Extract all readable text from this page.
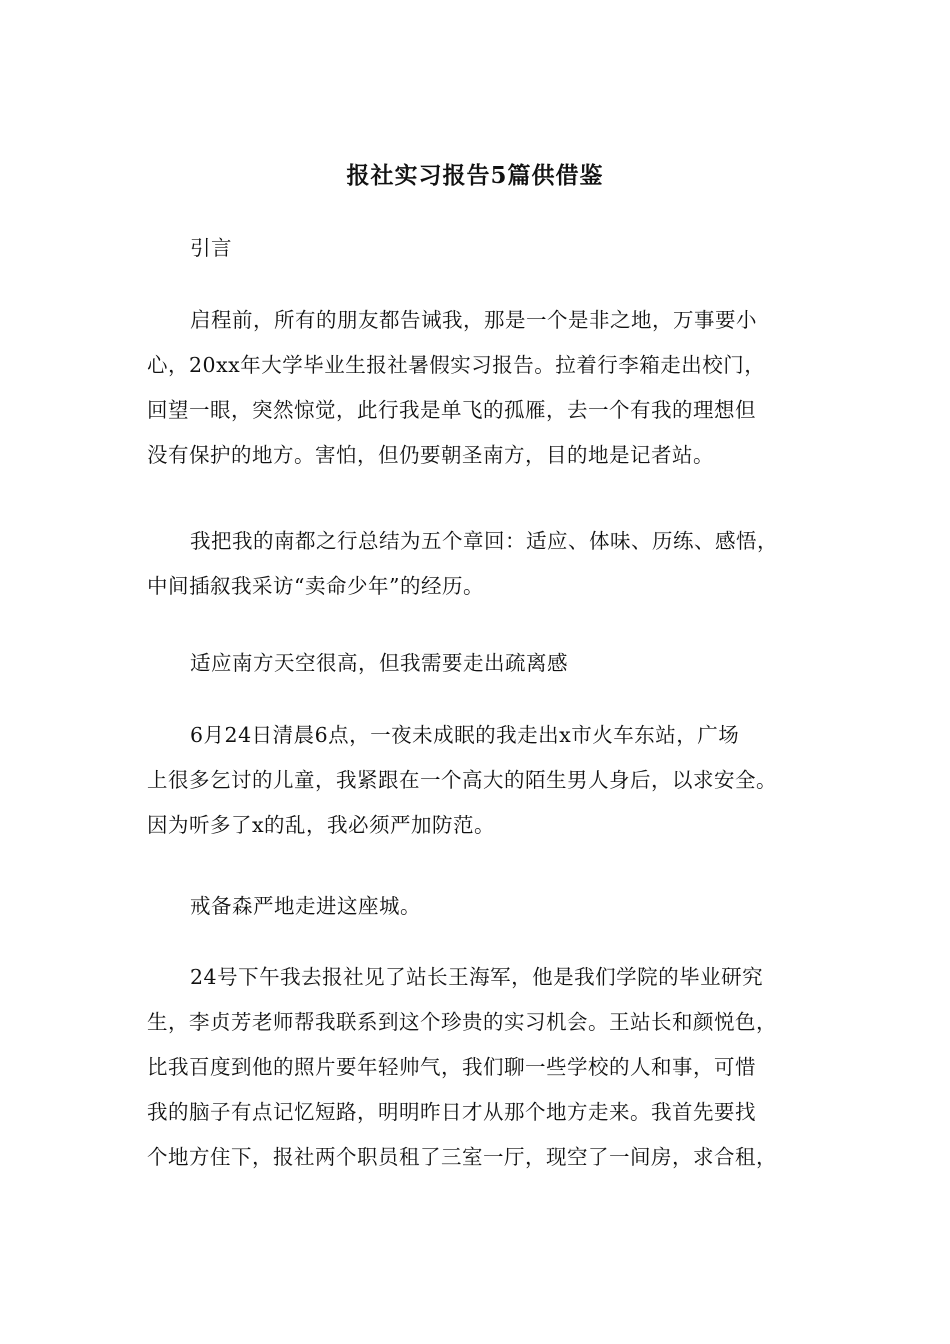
报社实习报告5篇供借鉴
引言
启程前，所有的朋友都告诫我，那是一个是非之地，万事要小
心，20xx年大学毕业生报社暑假实习报告。拉着行李箱走出校门，
回望一眼，突然惊觉，此行我是单飞的孤雁，去一个有我的理想但
没有保护的地方。害怕，但仍要朝圣南方，目的地是记者站。
我把我的南都之行总结为五个章回：适应、体味、历练、感悟，
中间插叙我采访“卖命少年”的经历。
适应南方天空很高，但我需要走出疏离感
6月24日清晨6点，一夜未成眠的我走出x市火车东站，广场
上很多乞讨的儿童，我紧跟在一个高大的陌生男人身后，以求安全。
因为听多了x的乱，我必须严加防范。
戒备森严地走进这座城。
24号下午我去报社见了站长王海军，他是我们学院的毕业研究
生，李贞芳老师帮我联系到这个珍贵的实习机会。王站长和颜悦色，
比我百度到他的照片要年轻帅气，我们聊一些学校的人和事，可惜
我的脑子有点记忆短路，明明昨日才从那个地方走来。我首先要找
个地方住下，报社两个职员租了三室一厅，现空了一间房，求合租，
